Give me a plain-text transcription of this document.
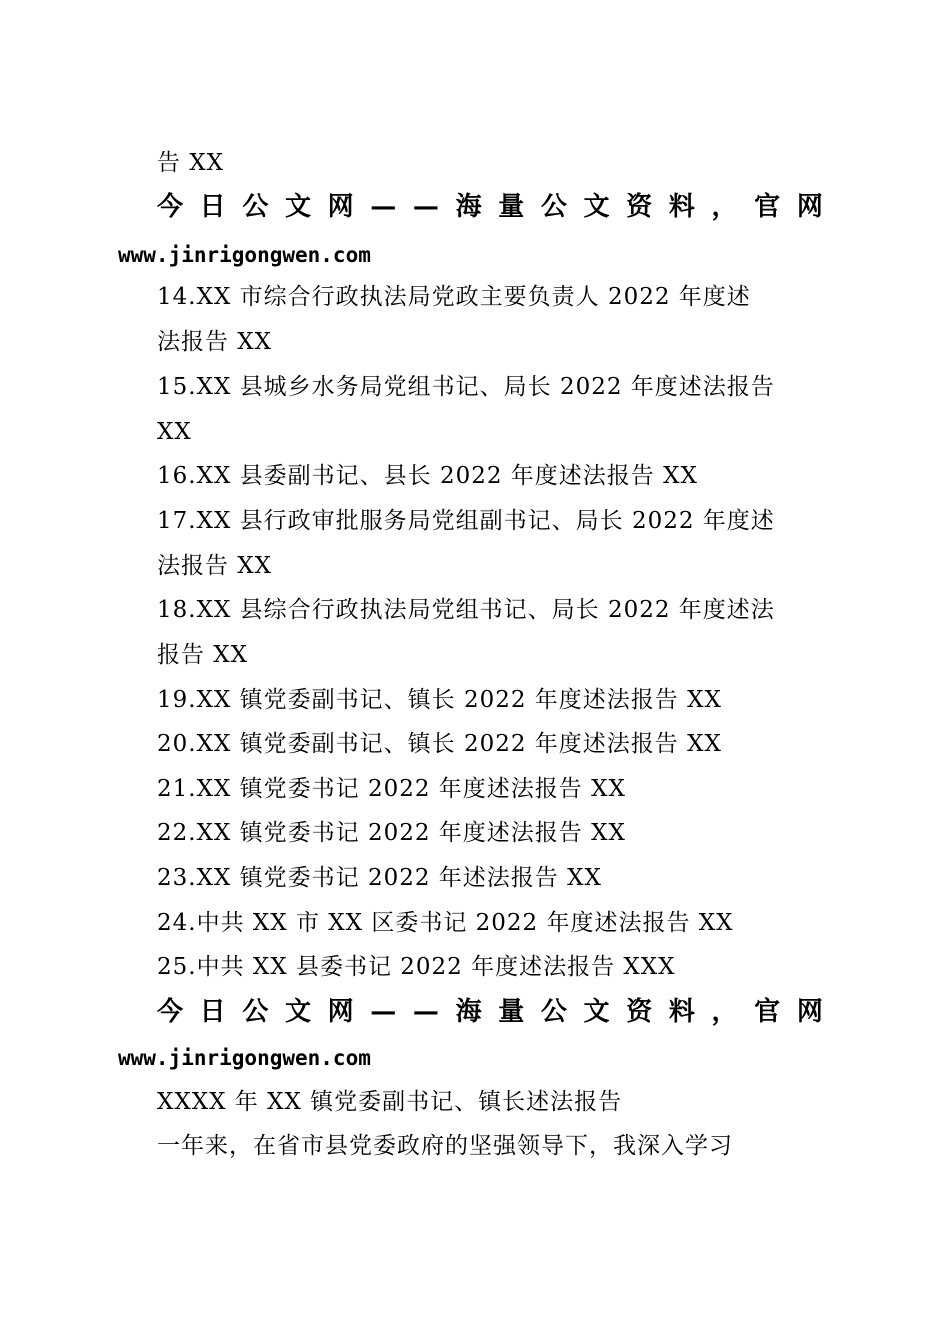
告 XX
今 日 公 文 网 — — 海 量 公 文 资 料 ， 官 网
www.jinrigongwen.com
14.XX 市综合行政执法局党政主要负责人 2022 年度述
法报告 XX
15.XX 县城乡水务局党组书记、局长 2022 年度述法报告
XX
16.XX 县委副书记、县长 2022 年度述法报告 XX
17.XX 县行政审批服务局党组副书记、局长 2022 年度述
法报告 XX
18.XX 县综合行政执法局党组书记、局长 2022 年度述法
报告 XX
19.XX 镇党委副书记、镇长 2022 年度述法报告 XX
20.XX 镇党委副书记、镇长 2022 年度述法报告 XX
21.XX 镇党委书记 2022 年度述法报告 XX
22.XX 镇党委书记 2022 年度述法报告 XX
23.XX 镇党委书记 2022 年述法报告 XX
24.中共 XX 市 XX 区委书记 2022 年度述法报告 XX
25.中共 XX 县委书记 2022 年度述法报告 XXX
今 日 公 文 网 — — 海 量 公 文 资 料 ， 官 网
www.jinrigongwen.com
XXXX 年 XX 镇党委副书记、镇长述法报告
一年来，在省市县党委政府的坚强领导下，我深入学习
